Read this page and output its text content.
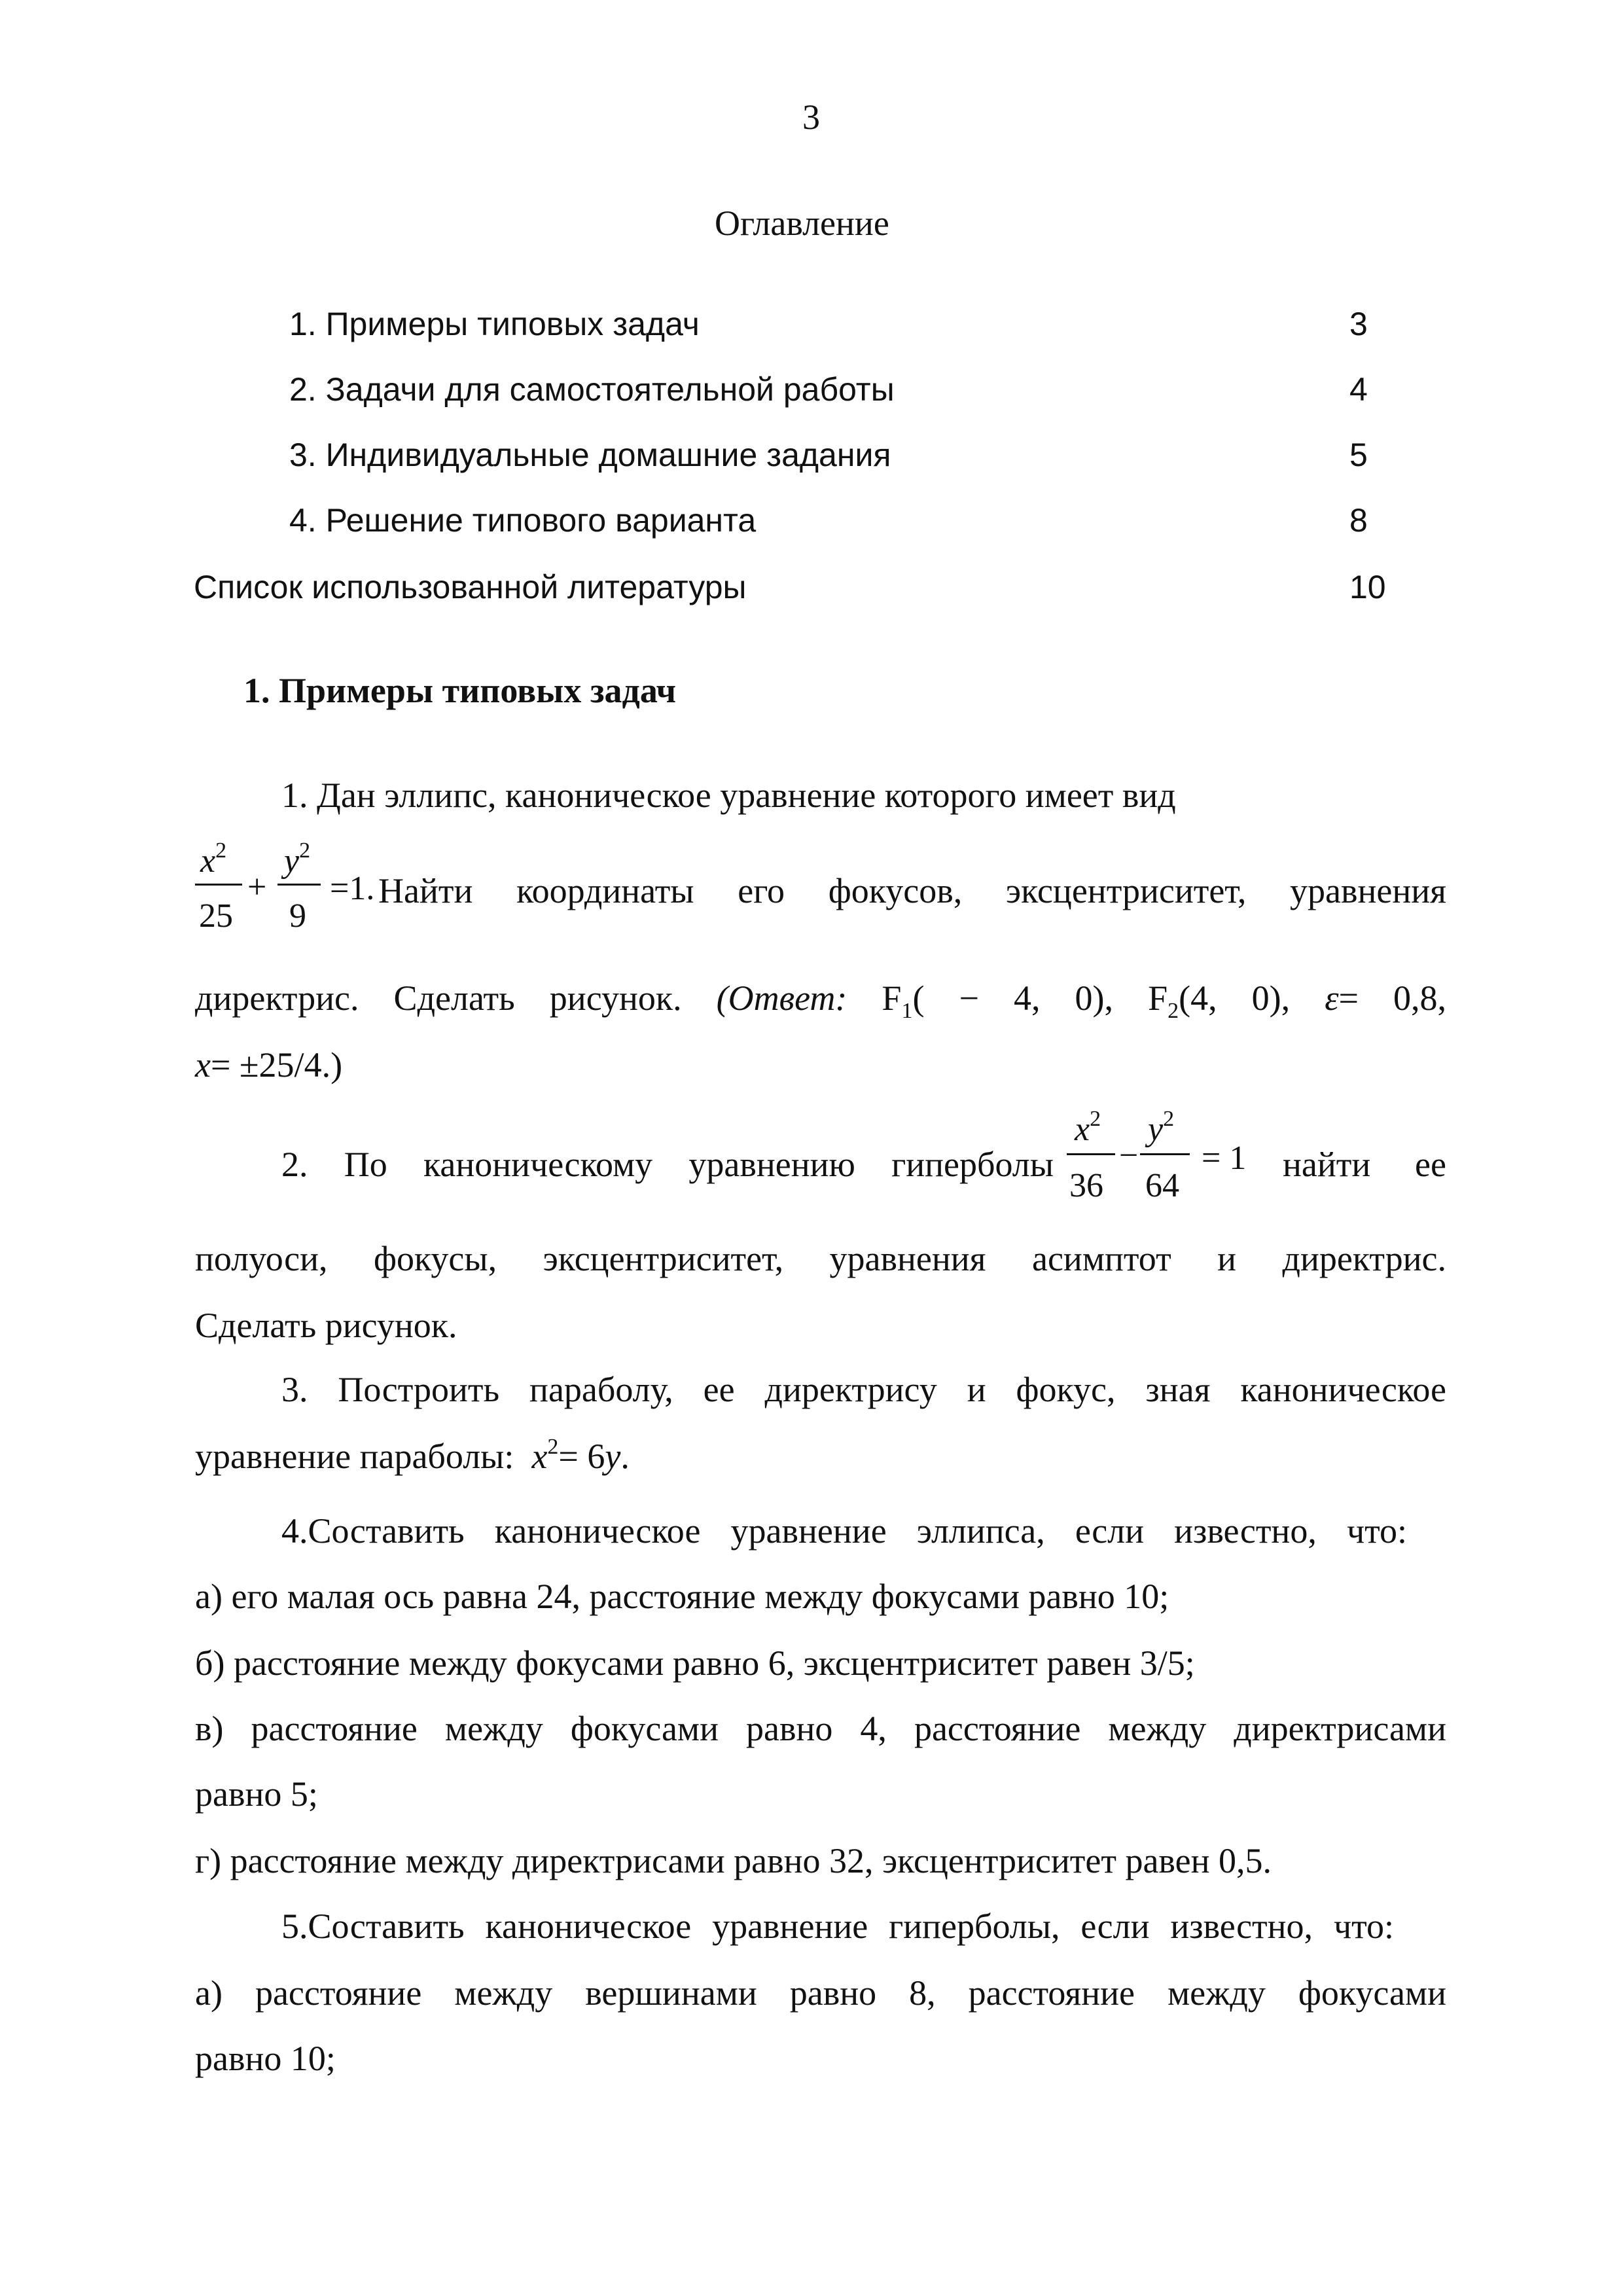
3
Оглавление
1. Примеры типовых задач	3
2. Задачи для самостоятельной работы	4
3. Индивидуальные домашние задания	5
4. Решение типового варианта	8
Список использованной литературы	10
1. Примеры типовых задач
1. Дан эллипс, каноническое уравнение которого имеет вид
$x^2$
25
+
$y^2$
9
=1. Найти координаты его фокусов, эксцентриситет, уравнения
директрис. Сделать рисунок. (Ответ: $F_1( - 4$, 0), $F_2(4$, 0), ε= 0,8,
x= ±25/4.)
2. По каноническому уравнению гиперболы
$x^2$
36
−
$y^2$
64
= 1 найти ее
полуоси, фокусы, эксцентриситет, уравнения асимптот и директрис.
Сделать рисунок.
3. Построить параболу, ее директрису и фокус, зная каноническое
уравнение параболы: $x^2= 6y$.
4.Составить каноническое уравнение эллипса, если известно, что:
а) его малая ось равна 24, расстояние между фокусами равно 10;
б) расстояние между фокусами равно 6, эксцентриситет равен 3/5;
в) расстояние между фокусами равно 4, расстояние между директрисами
равно 5;
г) расстояние между директрисами равно 32, эксцентриситет равен 0,5.
5.Составить каноническое уравнение гиперболы, если известно, что:
а) расстояние между вершинами равно 8, расстояние между фокусами
равно 10;
